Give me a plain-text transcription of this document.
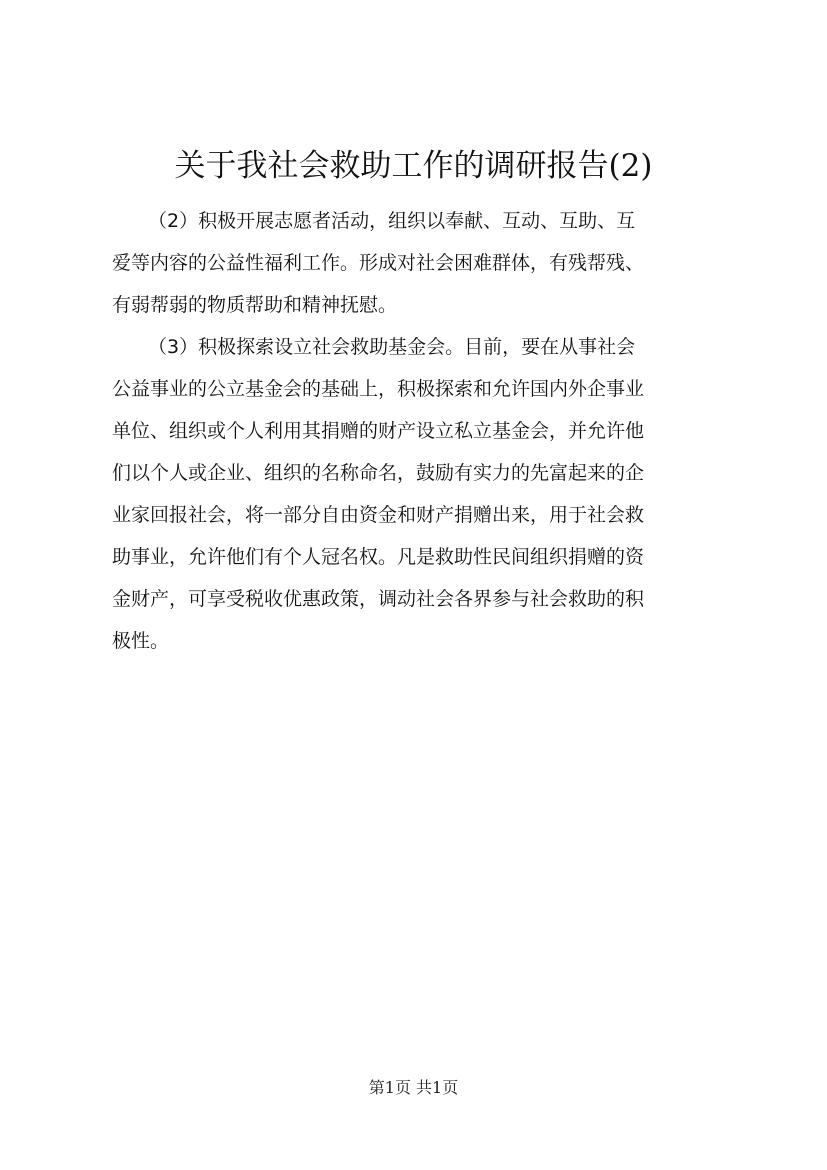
关于我社会救助工作的调研报告(2)
（2）积极开展志愿者活动，组织以奉献、互动、互助、互
爱等内容的公益性福利工作。形成对社会困难群体，有残帮残、
有弱帮弱的物质帮助和精神抚慰。
（3）积极探索设立社会救助基金会。目前，要在从事社会
公益事业的公立基金会的基础上，积极探索和允许国内外企事业
单位、组织或个人利用其捐赠的财产设立私立基金会，并允许他
们以个人或企业、组织的名称命名，鼓励有实力的先富起来的企
业家回报社会，将一部分自由资金和财产捐赠出来，用于社会救
助事业，允许他们有个人冠名权。凡是救助性民间组织捐赠的资
金财产，可享受税收优惠政策，调动社会各界参与社会救助的积
极性。
第1页 共1页
